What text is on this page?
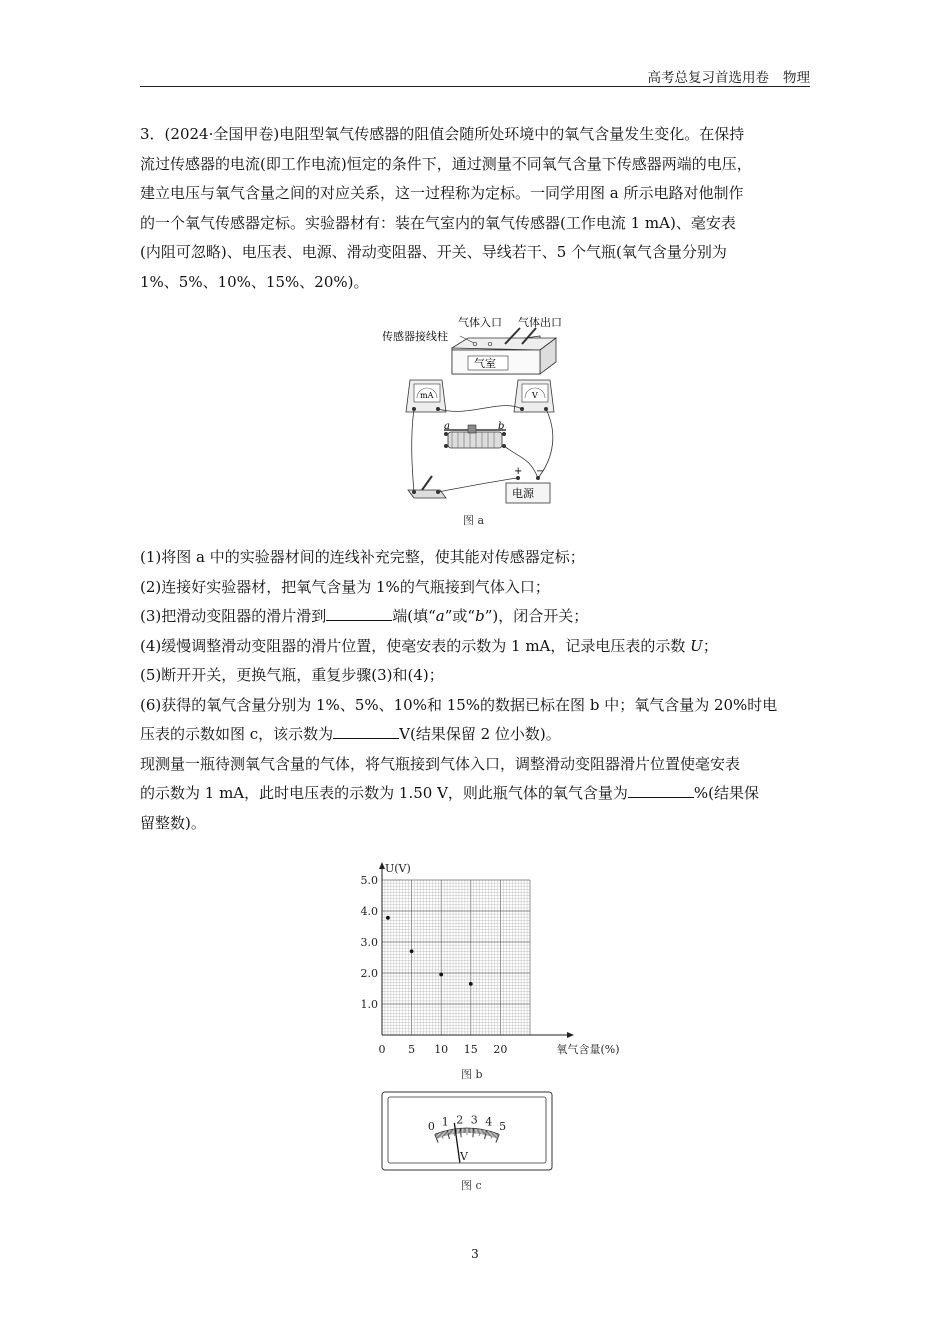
高考总复习首选用卷 物理
3．(2024·全国甲卷)电阻型氧气传感器的阻值会随所处环境中的氧气含量发生变化。在保持
流过传感器的电流(即工作电流)恒定的条件下，通过测量不同氧气含量下传感器两端的电压，
建立电压与氧气含量之间的对应关系，这一过程称为定标。一同学用图 a 所示电路对他制作
的一个氧气传感器定标。实验器材有：装在气室内的氧气传感器(工作电流 1 mA)、毫安表
(内阻可忽略)、电压表、电源、滑动变阻器、开关、导线若干、5 个气瓶(氧气含量分别为
1%、5%、10%、15%、20%)。
气体入口 气体出口
传感器接线柱
气室
mA	V
a	b
电源
+ −
图 a
(1)将图 a 中的实验器材间的连线补充完整，使其能对传感器定标；
(2)连接好实验器材，把氧气含量为 1%的气瓶接到气体入口；
(3)把滑动变阻器的滑片滑到	端(填“a”或“b”)，闭合开关；
(4)缓慢调整滑动变阻器的滑片位置，使毫安表的示数为 1 mA，记录电压表的示数 U；
(5)断开开关，更换气瓶，重复步骤(3)和(4)；
(6)获得的氧气含量分别为 1%、5%、10%和 15%的数据已标在图 b 中；氧气含量为 20%时电
压表的示数如图 c，该示数为	V(结果保留 2 位小数)。
现测量一瓶待测氧气含量的气体，将气瓶接到气体入口，调整滑动变阻器滑片位置使毫安表
的示数为 1 mA，此时电压表的示数为 1.50 V，则此瓶气体的氧气含量为	%(结果保
留整数)。
1.0
2.0
3.0
4.0
5.0
0 5 10 15 20
U(V)
氧气含量(%)
图 b
0 1 2 3 4 5
V
图 c
3
